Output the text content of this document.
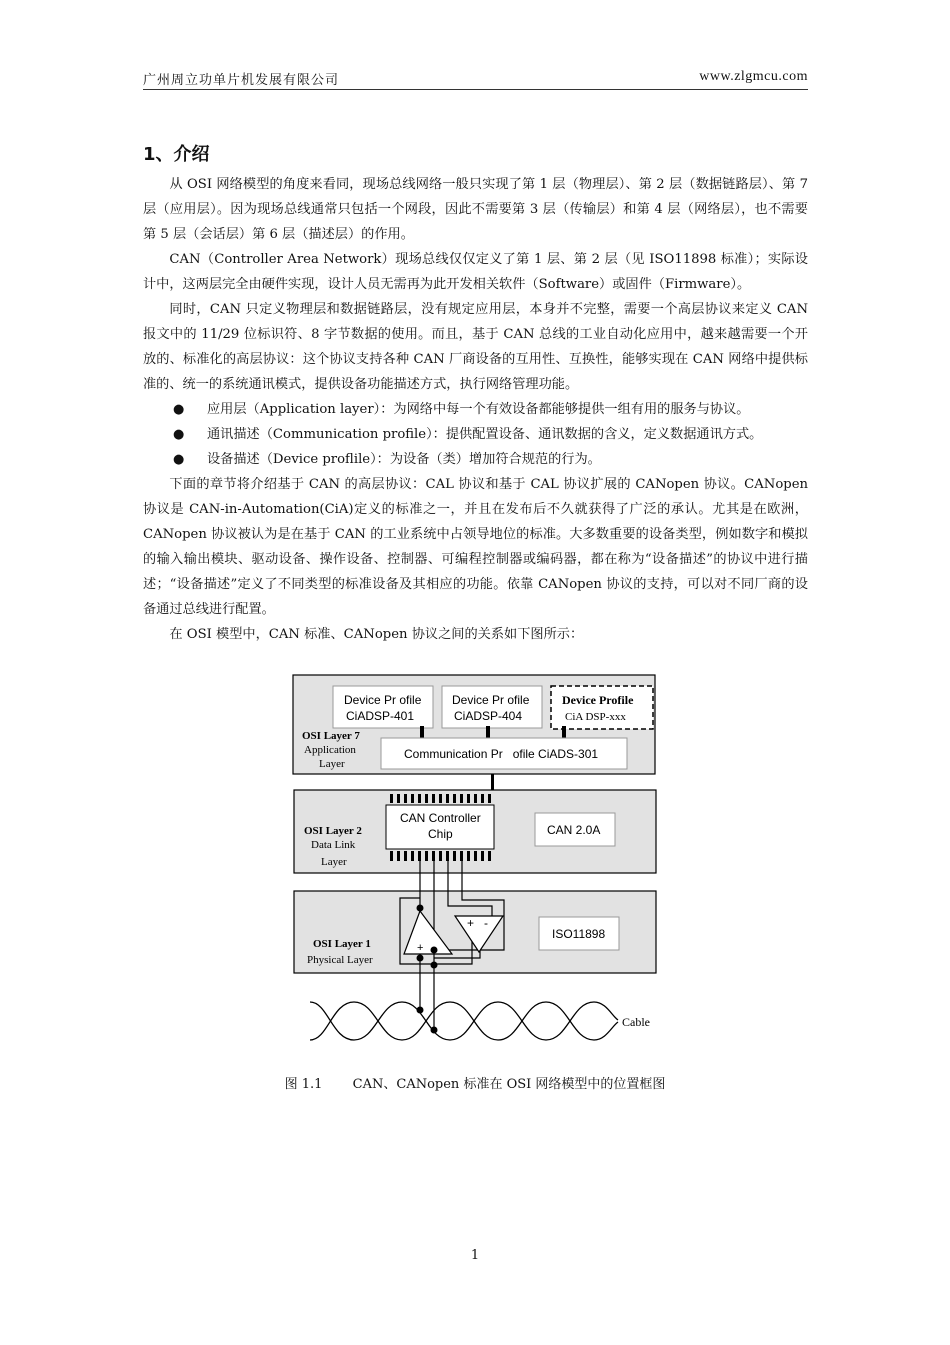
广州周立功单片机发展有限公司	www.zlgmcu.com
1、介绍

从 OSI 网络模型的角度来看同，现场总线网络一般只实现了第 1 层（物理层）、第 2 层（数据链路层）、第 7 层（应用层）。因为现场总线通常只包括一个网段，因此不需要第 3 层（传输层）和第 4 层（网络层），也不需要第 5 层（会话层）第 6 层（描述层）的作用。

CAN（Controller Area Network）现场总线仅仅定义了第 1 层、第 2 层（见 ISO11898 标准）；实际设计中，这两层完全由硬件实现，设计人员无需再为此开发相关软件（Software）或固件（Firmware）。

同时，CAN 只定义物理层和数据链路层，没有规定应用层，本身并不完整，需要一个高层协议来定义 CAN 报文中的 11/29 位标识符、8 字节数据的使用。而且，基于 CAN 总线的工业自动化应用中，越来越需要一个开放的、标准化的高层协议：这个协议支持各种 CAN 厂商设备的互用性、互换性，能够实现在 CAN 网络中提供标准的、统一的系统通讯模式，提供设备功能描述方式，执行网络管理功能。

● 应用层（Application layer）：为网络中每一个有效设备都能够提供一组有用的服务与协议。
● 通讯描述（Communication profile）：提供配置设备、通讯数据的含义，定义数据通讯方式。
● 设备描述（Device proflile）：为设备（类）增加符合规范的行为。

下面的章节将介绍基于 CAN 的高层协议：CAL 协议和基于 CAL 协议扩展的 CANopen 协议。CANopen 协议是 CAN-in-Automation(CiA)定义的标准之一，并且在发布后不久就获得了广泛的承认。尤其是在欧洲，CANopen 协议被认为是在基于 CAN 的工业系统中占领导地位的标准。大多数重要的设备类型，例如数字和模拟的输入输出模块、驱动设备、操作设备、控制器、可编程控制器或编码器，都在称为“设备描述”的协议中进行描述；“设备描述”定义了不同类型的标准设备及其相应的功能。依靠 CANopen 协议的支持，可以对不同厂商的设备通过总线进行配置。

在 OSI 模型中，CAN 标准、CANopen 协议之间的关系如下图所示：

Device Pr ofile
CiADSP-401
Device Pr ofile
CiADSP-404
Device Profile
CiA DSP-xxx
OSI Layer 7
Application
Layer
Communication Pr   ofile CiADS-301
CAN Controller
Chip	CAN 2.0A
OSI Layer 2
Data Link
Layer
ISO11898
OSI Layer 1
Physical Layer
+ -
+
Cable
图 1.1 CAN、CANopen 标准在 OSI 网络模型中的位置框图
1
